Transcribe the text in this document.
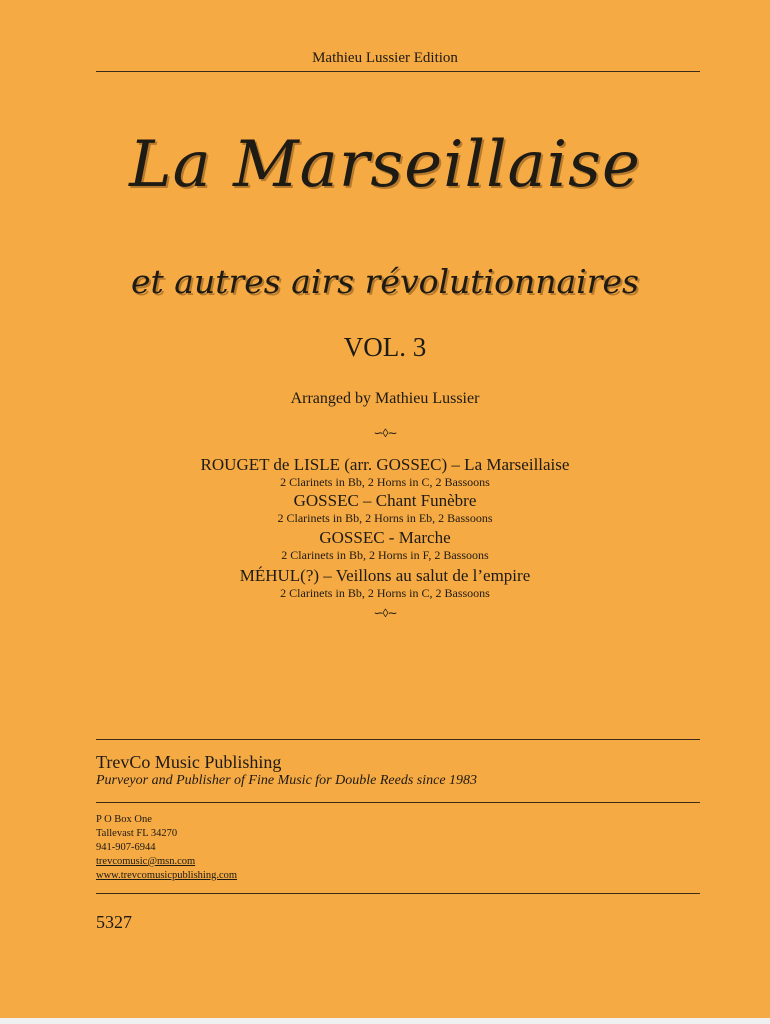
Mathieu Lussier Edition
La Marseillaise
et autres airs révolutionnaires
VOL. 3
Arranged by Mathieu Lussier
∽◊∼
ROUGET de LISLE (arr. GOSSEC) – La Marseillaise
2 Clarinets in Bb, 2 Horns in C, 2 Bassoons
GOSSEC – Chant Funèbre
2 Clarinets in Bb, 2 Horns in Eb, 2 Bassoons
GOSSEC - Marche
2 Clarinets in Bb, 2 Horns in F, 2 Bassoons
MÉHUL(?) – Veillons au salut de l’empire
2 Clarinets in Bb, 2 Horns in C, 2 Bassoons
∽◊∼
TrevCo Music Publishing
Purveyor and Publisher of Fine Music for Double Reeds since 1983
P O Box One
Tallevast FL 34270
941-907-6944
trevcomusic@msn.com
www.trevcomusicpublishing.com
5327
